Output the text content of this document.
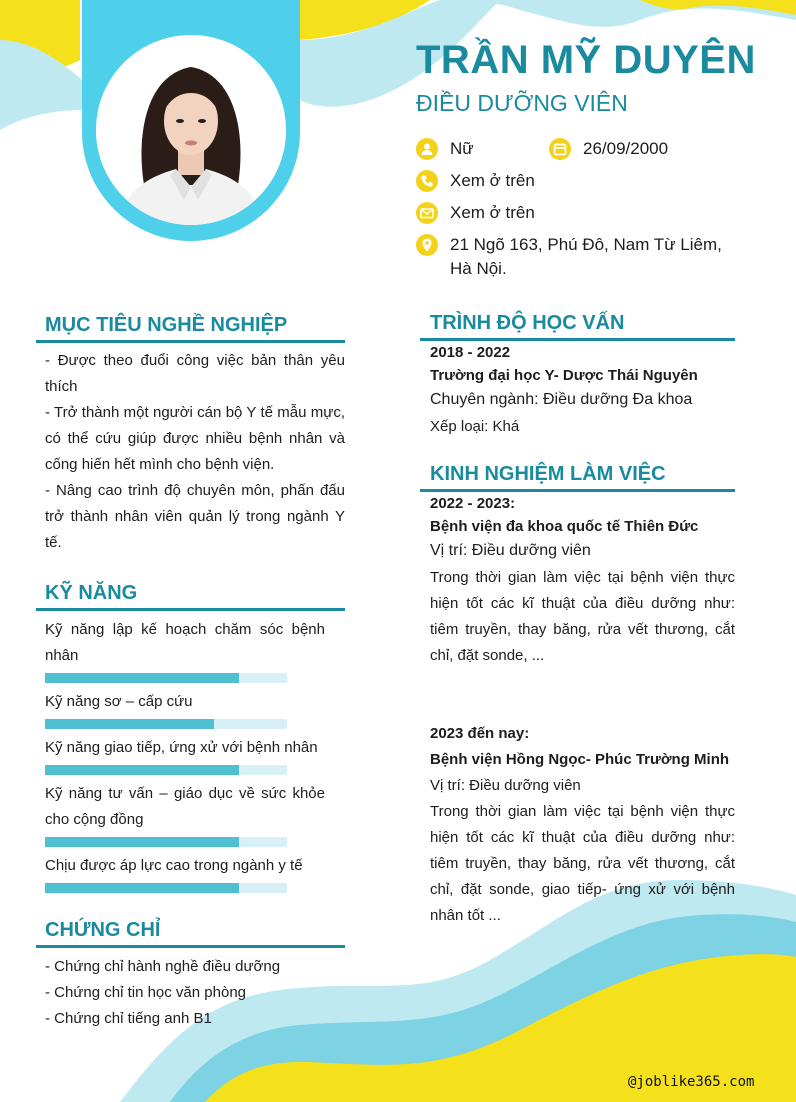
TRẦN MỸ DUYÊN
ĐIỀU DƯỠNG VIÊN
Nữ	26/09/2000
Xem ở trên
Xem ở trên
21 Ngõ 163, Phú Đô, Nam Từ Liêm, Hà Nội.
MỤC TIÊU NGHỀ NGHIỆP

- Được theo đuổi công việc bản thân yêu thích

- Trở thành một người cán bộ Y tế mẫu mực, có thể cứu giúp được nhiều bệnh nhân và cống hiến hết mình cho bệnh viện.

- Nâng cao trình độ chuyên môn, phấn đấu trở thành nhân viên quản lý trong ngành Y tế.

KỸ NĂNG
Kỹ năng lập kế hoạch chăm sóc bệnh nhân
Kỹ năng sơ – cấp cứu
Kỹ năng giao tiếp, ứng xử với bệnh nhân
Kỹ năng tư vấn – giáo dục về sức khỏe cho cộng đồng
Chịu được áp lực cao trong ngành y tế
CHỨNG CHỈ
- Chứng chỉ hành nghề điều dưỡng
- Chứng chỉ tin học văn phòng
- Chứng chỉ tiếng anh B1
TRÌNH ĐỘ HỌC VẤN
2018 - 2022
Trường đại học Y- Dược Thái Nguyên
Chuyên ngành: Điều dưỡng Đa khoa
Xếp loại: Khá
KINH NGHIỆM LÀM VIỆC
2022 - 2023:
Bệnh viện đa khoa quốc tế Thiên Đức
Vị trí: Điều dưỡng viên
Trong thời gian làm việc tại bệnh viện thực hiện tốt các kĩ thuật của điều dưỡng như: tiêm truyền, thay băng, rửa vết thương, cắt chỉ, đặt sonde, ...
2023 đến nay:
Bệnh viện Hồng Ngọc- Phúc Trường Minh
Vị trí: Điều dưỡng viên
Trong thời gian làm việc tại bệnh viện thực hiện tốt các kĩ thuật của điều dưỡng như: tiêm truyền, thay băng, rửa vết thương, cắt chỉ, đặt sonde, giao tiếp- ứng xử với bệnh nhân tốt ...
@joblike365.com
